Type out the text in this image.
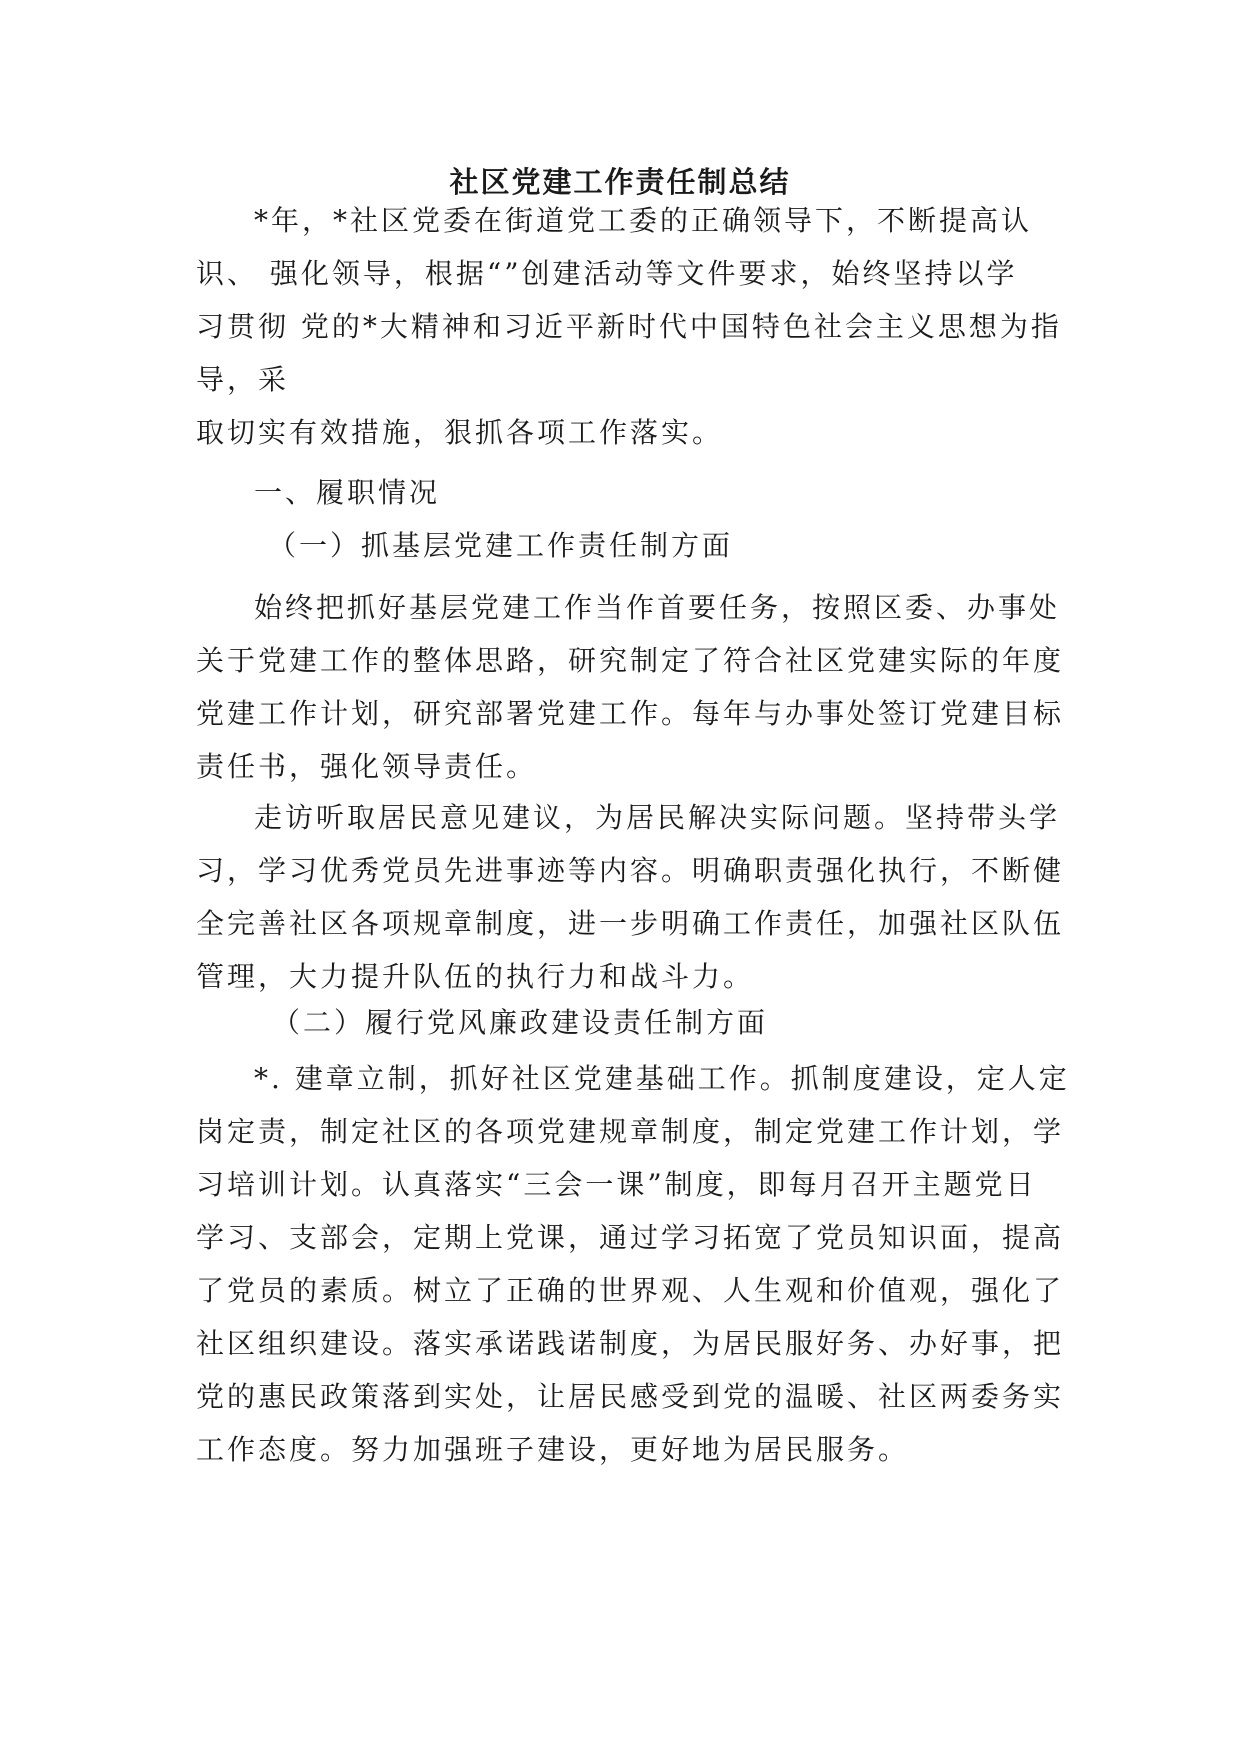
社区党建工作责任制总结
*年，*社区党委在街道党工委的正确领导下，不断提高认
识、 强化领导，根据“”创建活动等文件要求，始终坚持以学
习贯彻 党的*大精神和习近平新时代中国特色社会主义思想为指
导，采
取切实有效措施，狠抓各项工作落实。
一、履职情况
（一）抓基层党建工作责任制方面
始终把抓好基层党建工作当作首要任务，按照区委、办事处
关于党建工作的整体思路，研究制定了符合社区党建实际的年度
党建工作计划，研究部署党建工作。每年与办事处签订党建目标
责任书，强化领导责任。
走访听取居民意见建议，为居民解决实际问题。坚持带头学
习，学习优秀党员先进事迹等内容。明确职责强化执行，不断健
全完善社区各项规章制度，进一步明确工作责任，加强社区队伍
管理，大力提升队伍的执行力和战斗力。
（二）履行党风廉政建设责任制方面
*. 建章立制，抓好社区党建基础工作。抓制度建设，定人定
岗定责，制定社区的各项党建规章制度，制定党建工作计划，学
习培训计划。认真落实“三会一课”制度，即每月召开主题党日
学习、支部会，定期上党课，通过学习拓宽了党员知识面，提高
了党员的素质。树立了正确的世界观、人生观和价值观，强化了
社区组织建设。落实承诺践诺制度，为居民服好务、办好事，把
党的惠民政策落到实处，让居民感受到党的温暖、社区两委务实
工作态度。努力加强班子建设，更好地为居民服务。
